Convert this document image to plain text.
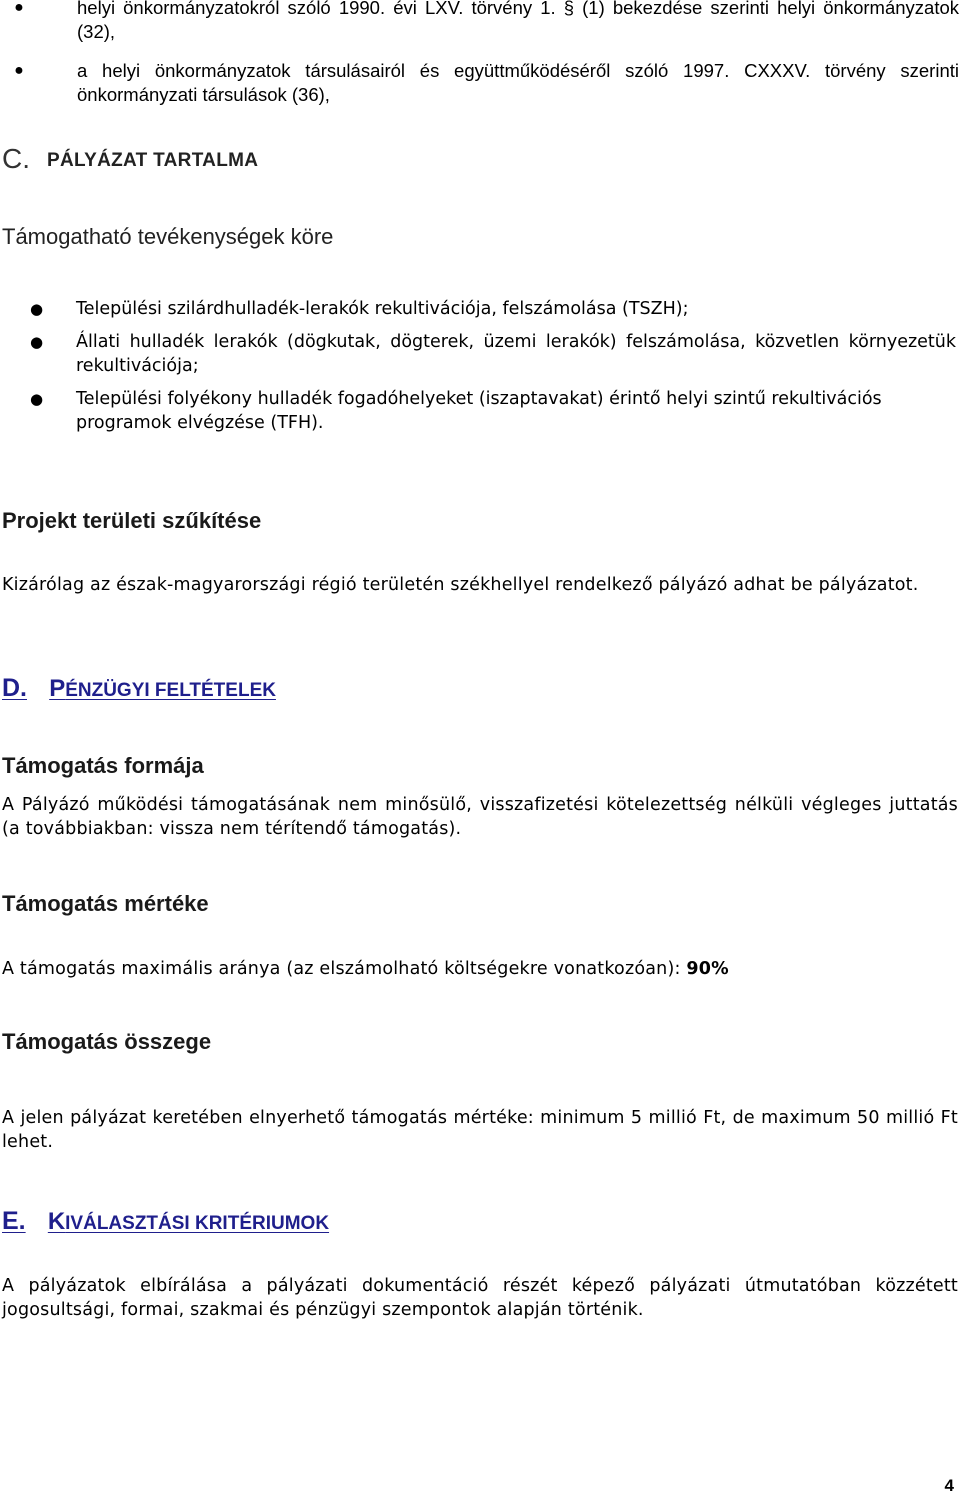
●	helyi önkormányzatokról szóló 1990. évi LXV. törvény 1. § (1) bekezdése szerinti helyi önkormányzatok (32),
●	a helyi önkormányzatok társulásairól és együttműködéséről szóló 1997. CXXXV. törvény szerinti önkormányzati társulások (36),
C. PÁLYÁZAT TARTALMA
Támogatható tevékenységek köre
● Települési szilárdhulladék-lerakók rekultivációja, felszámolása (TSZH);
● Állati hulladék lerakók (dögkutak, dögterek, üzemi lerakók) felszámolása, közvetlen környezetük rekultivációja;
● Települési folyékony hulladék fogadóhelyeket (iszaptavakat) érintő helyi szintű rekultivációs programok elvégzése (TFH).
Projekt területi szűkítése
Kizárólag az észak-magyarországi régió területén székhellyel rendelkező pályázó adhat be pályázatot.
D. PÉNZÜGYI FELTÉTELEK
Támogatás formája
A Pályázó működési támogatásának nem minősülő, visszafizetési kötelezettség nélküli végleges juttatás (a továbbiakban: vissza nem térítendő támogatás).
Támogatás mértéke
A támogatás maximális aránya (az elszámolható költségekre vonatkozóan): 90%
Támogatás összege
A jelen pályázat keretében elnyerhető támogatás mértéke: minimum 5 millió Ft, de maximum 50 millió Ft lehet.
E. KIVÁLASZTÁSI KRITÉRIUMOK
A pályázatok elbírálása a pályázati dokumentáció részét képező pályázati útmutatóban közzétett jogosultsági, formai, szakmai és pénzügyi szempontok alapján történik.
4
